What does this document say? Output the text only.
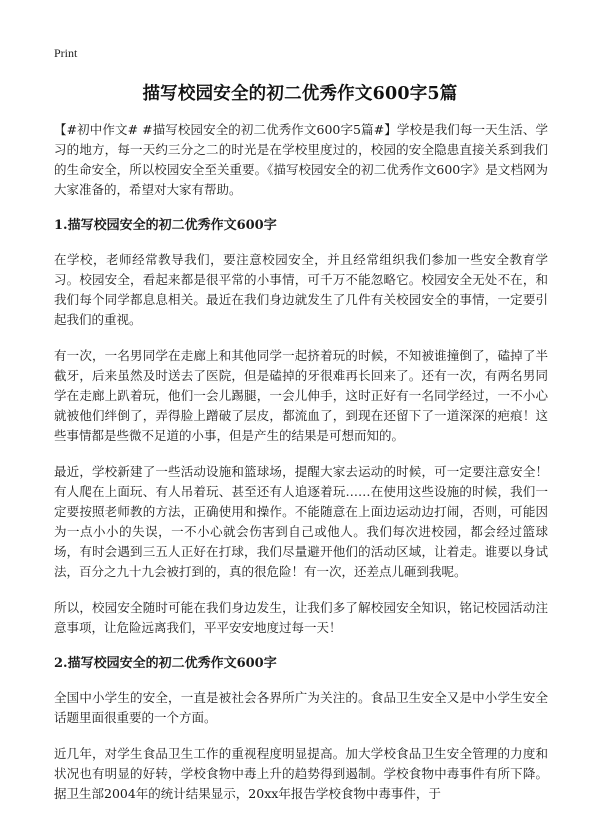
Print
描写校园安全的初二优秀作文600字5篇

【#初中作文# #描写校园安全的初二优秀作文600字5篇#】学校是我们每一天生活、学习的地方，每一天约三分之二的时光是在学校里度过的，校园的安全隐患直接关系到我们的生命安全，所以校园安全至关重要。《描写校园安全的初二优秀作文600字》是文档网为大家准备的，希望对大家有帮助。

1.描写校园安全的初二优秀作文600字

在学校，老师经常教导我们，要注意校园安全，并且经常组织我们参加一些安全教育学习。校园安全，看起来都是很平常的小事情，可千万不能忽略它。校园安全无处不在，和我们每个同学都息息相关。最近在我们身边就发生了几件有关校园安全的事情，一定要引起我们的重视。

有一次，一名男同学在走廊上和其他同学一起挤着玩的时候，不知被谁撞倒了，磕掉了半截牙，后来虽然及时送去了医院，但是磕掉的牙很难再长回来了。还有一次，有两名男同学在走廊上趴着玩，他们一会儿踢腿，一会儿伸手，这时正好有一名同学经过，一不小心就被他们绊倒了，弄得脸上蹭破了层皮，都流血了，到现在还留下了一道深深的疤痕！这些事情都是些微不足道的小事，但是产生的结果是可想而知的。

最近，学校新建了一些活动设施和篮球场，提醒大家去运动的时候，可一定要注意安全！有人爬在上面玩、有人吊着玩、甚至还有人追逐着玩……在使用这些设施的时候，我们一定要按照老师教的方法，正确使用和操作。不能随意在上面边运动边打闹，否则，可能因为一点小小的失误，一不小心就会伤害到自己或他人。我们每次进校园，都会经过篮球场，有时会遇到三五人正好在打球，我们尽量避开他们的活动区域，让着走。谁要以身试法，百分之九十九会被打到的，真的很危险！有一次，还差点儿砸到我呢。

所以，校园安全随时可能在我们身边发生，让我们多了解校园安全知识，铭记校园活动注意事项，让危险远离我们，平平安安地度过每一天！

2.描写校园安全的初二优秀作文600字

全国中小学生的安全，一直是被社会各界所广为关注的。食品卫生安全又是中小学生安全话题里面很重要的一个方面。

近几年，对学生食品卫生工作的重视程度明显提高。加大学校食品卫生安全管理的力度和状况也有明显的好转，学校食物中毒上升的趋势得到遏制。学校食物中毒事件有所下降。据卫生部2004年的统计结果显示，20xx年报告学校食物中毒事件，于
